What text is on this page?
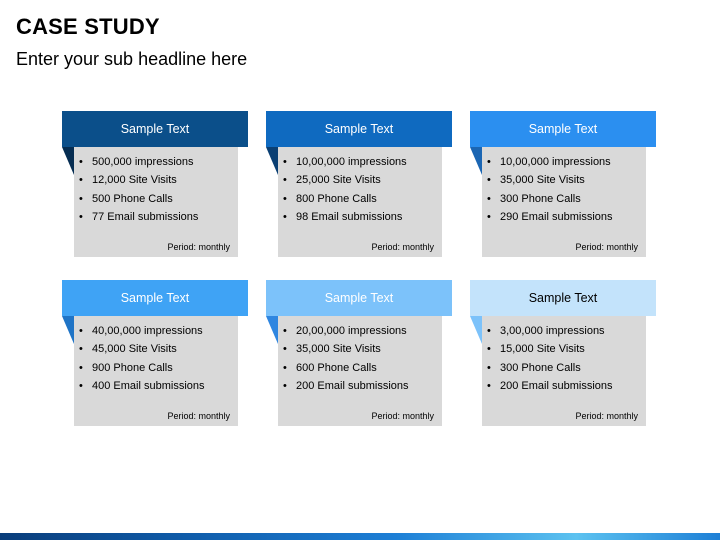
CASE STUDY
Enter your sub headline here
Sample Text
• 500,000 impressions
• 12,000 Site Visits
• 500 Phone Calls
• 77 Email submissions
Period: monthly
Sample Text
• 10,00,000 impressions
• 25,000 Site Visits
• 800 Phone Calls
• 98 Email submissions
Period: monthly
Sample Text
• 10,00,000 impressions
• 35,000 Site Visits
• 300 Phone Calls
• 290 Email submissions
Period: monthly
Sample Text
• 40,00,000 impressions
• 45,000 Site Visits
• 900 Phone Calls
• 400 Email submissions
Period: monthly
Sample Text
• 20,00,000 impressions
• 35,000 Site Visits
• 600 Phone Calls
• 200 Email submissions
Period: monthly
Sample Text
• 3,00,000 impressions
• 15,000 Site Visits
• 300 Phone Calls
• 200 Email submissions
Period: monthly
